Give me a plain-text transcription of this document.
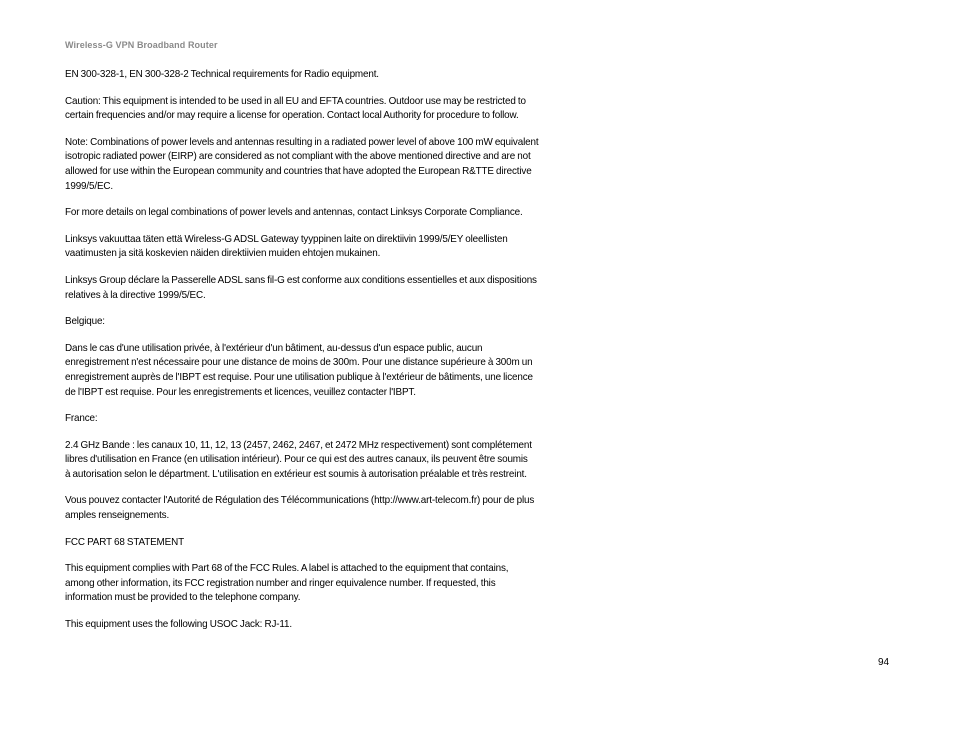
Wireless-G VPN Broadband Router
EN 300-328-1, EN 300-328-2 Technical requirements for Radio equipment.
Caution: This equipment is intended to be used in all EU and EFTA countries. Outdoor use may be restricted to
certain frequencies and/or may require a license for operation. Contact local Authority for procedure to follow.
Note: Combinations of power levels and antennas resulting in a radiated power level of above 100 mW equivalent
isotropic radiated power (EIRP) are considered as not compliant with the above mentioned directive and are not
allowed for use within the European community and countries that have adopted the European R&TTE directive
1999/5/EC.
For more details on legal combinations of power levels and antennas, contact Linksys Corporate Compliance.
Linksys vakuuttaa täten että Wireless-G ADSL Gateway tyyppinen laite on direktiivin 1999/5/EY oleellisten
vaatimusten ja sitä koskevien näiden direktiivien muiden ehtojen mukainen.
Linksys Group déclare la Passerelle ADSL sans fil-G est conforme aux conditions essentielles et aux dispositions
relatives à la directive 1999/5/EC.
Belgique:
Dans le cas d'une utilisation privée, à l'extérieur d'un bâtiment, au-dessus d'un espace public, aucun
enregistrement n'est nécessaire pour une distance de moins de 300m. Pour une distance supérieure à 300m un
enregistrement auprès de l'IBPT est requise. Pour une utilisation publique à l'extérieur de bâtiments, une licence
de l'IBPT est requise. Pour les enregistrements et licences, veuillez contacter l'IBPT.
France:
2.4 GHz Bande : les canaux 10, 11, 12, 13 (2457, 2462, 2467, et 2472 MHz respectivement) sont complétement
libres d'utilisation en France (en utilisation intérieur). Pour ce qui est des autres canaux, ils peuvent être soumis
à autorisation selon le départment. L'utilisation en extérieur est soumis à autorisation préalable et très restreint.
Vous pouvez contacter l'Autorité de Régulation des Télécommunications (http://www.art-telecom.fr) pour de plus
amples renseignements.
FCC PART 68 STATEMENT
This equipment complies with Part 68 of the FCC Rules. A label is attached to the equipment that contains,
among other information, its FCC registration number and ringer equivalence number. If requested, this
information must be provided to the telephone company.
This equipment uses the following USOC Jack: RJ-11.
94
